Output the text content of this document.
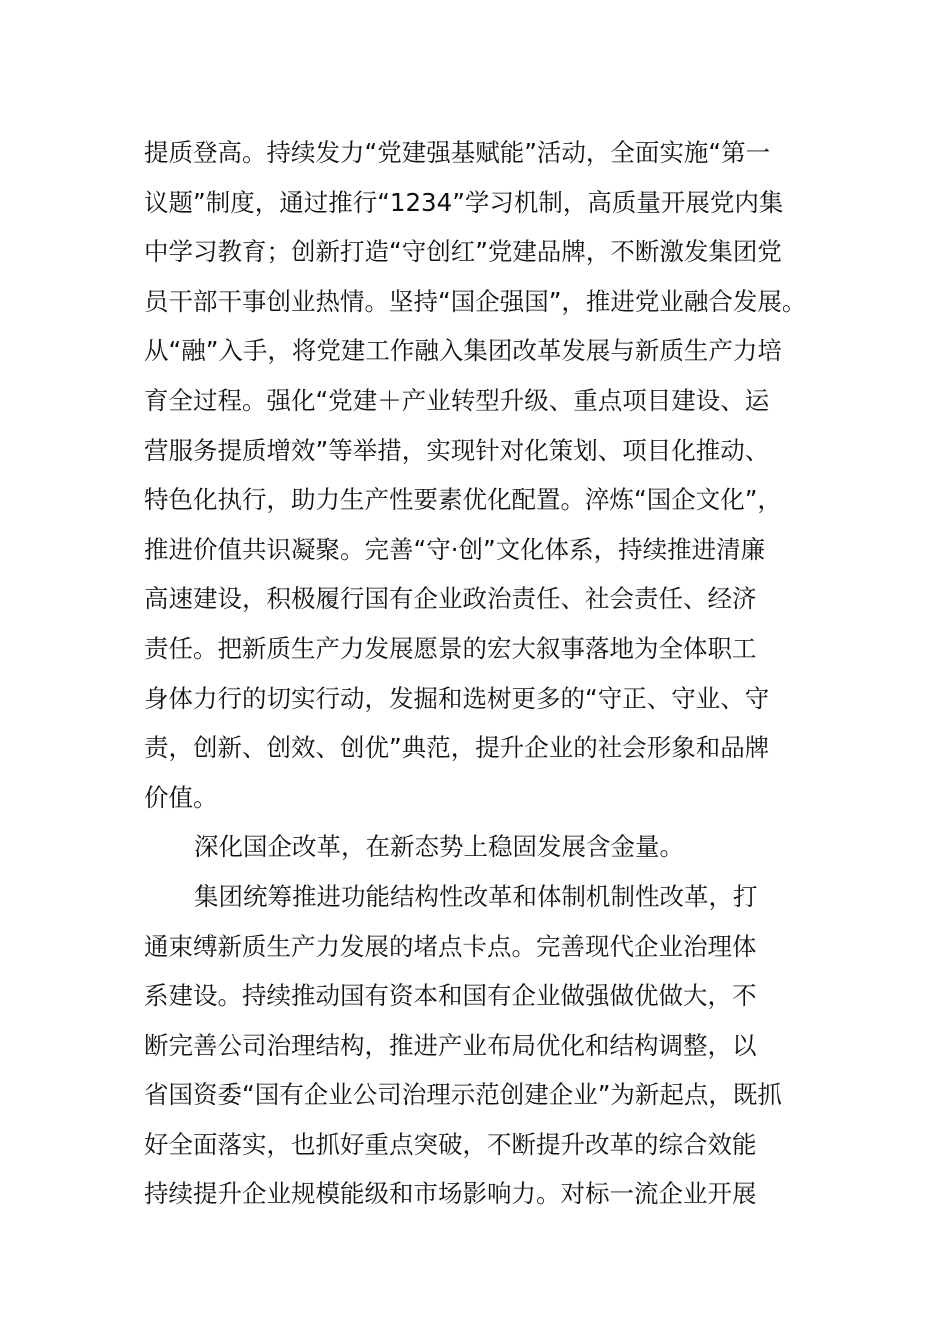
提质登高。持续发力“党建强基赋能”活动，全面实施“第一
议题”制度，通过推行“1234”学习机制，高质量开展党内集
中学习教育；创新打造“守创红”党建品牌，不断激发集团党
员干部干事创业热情。坚持“国企强国”，推进党业融合发展。
从“融”入手，将党建工作融入集团改革发展与新质生产力培
育全过程。强化“党建＋产业转型升级、重点项目建设、运
营服务提质增效”等举措，实现针对化策划、项目化推动、
特色化执行，助力生产性要素优化配置。淬炼“国企文化”，
推进价值共识凝聚。完善“守·创”文化体系，持续推进清廉
高速建设，积极履行国有企业政治责任、社会责任、经济
责任。把新质生产力发展愿景的宏大叙事落地为全体职工
身体力行的切实行动，发掘和选树更多的“守正、守业、守
责，创新、创效、创优”典范，提升企业的社会形象和品牌
价值。
深化国企改革，在新态势上稳固发展含金量。
集团统筹推进功能结构性改革和体制机制性改革，打
通束缚新质生产力发展的堵点卡点。完善现代企业治理体
系建设。持续推动国有资本和国有企业做强做优做大，不
断完善公司治理结构，推进产业布局优化和结构调整，以
省国资委“国有企业公司治理示范创建企业”为新起点，既抓
好全面落实，也抓好重点突破，不断提升改革的综合效能
持续提升企业规模能级和市场影响力。对标一流企业开展
